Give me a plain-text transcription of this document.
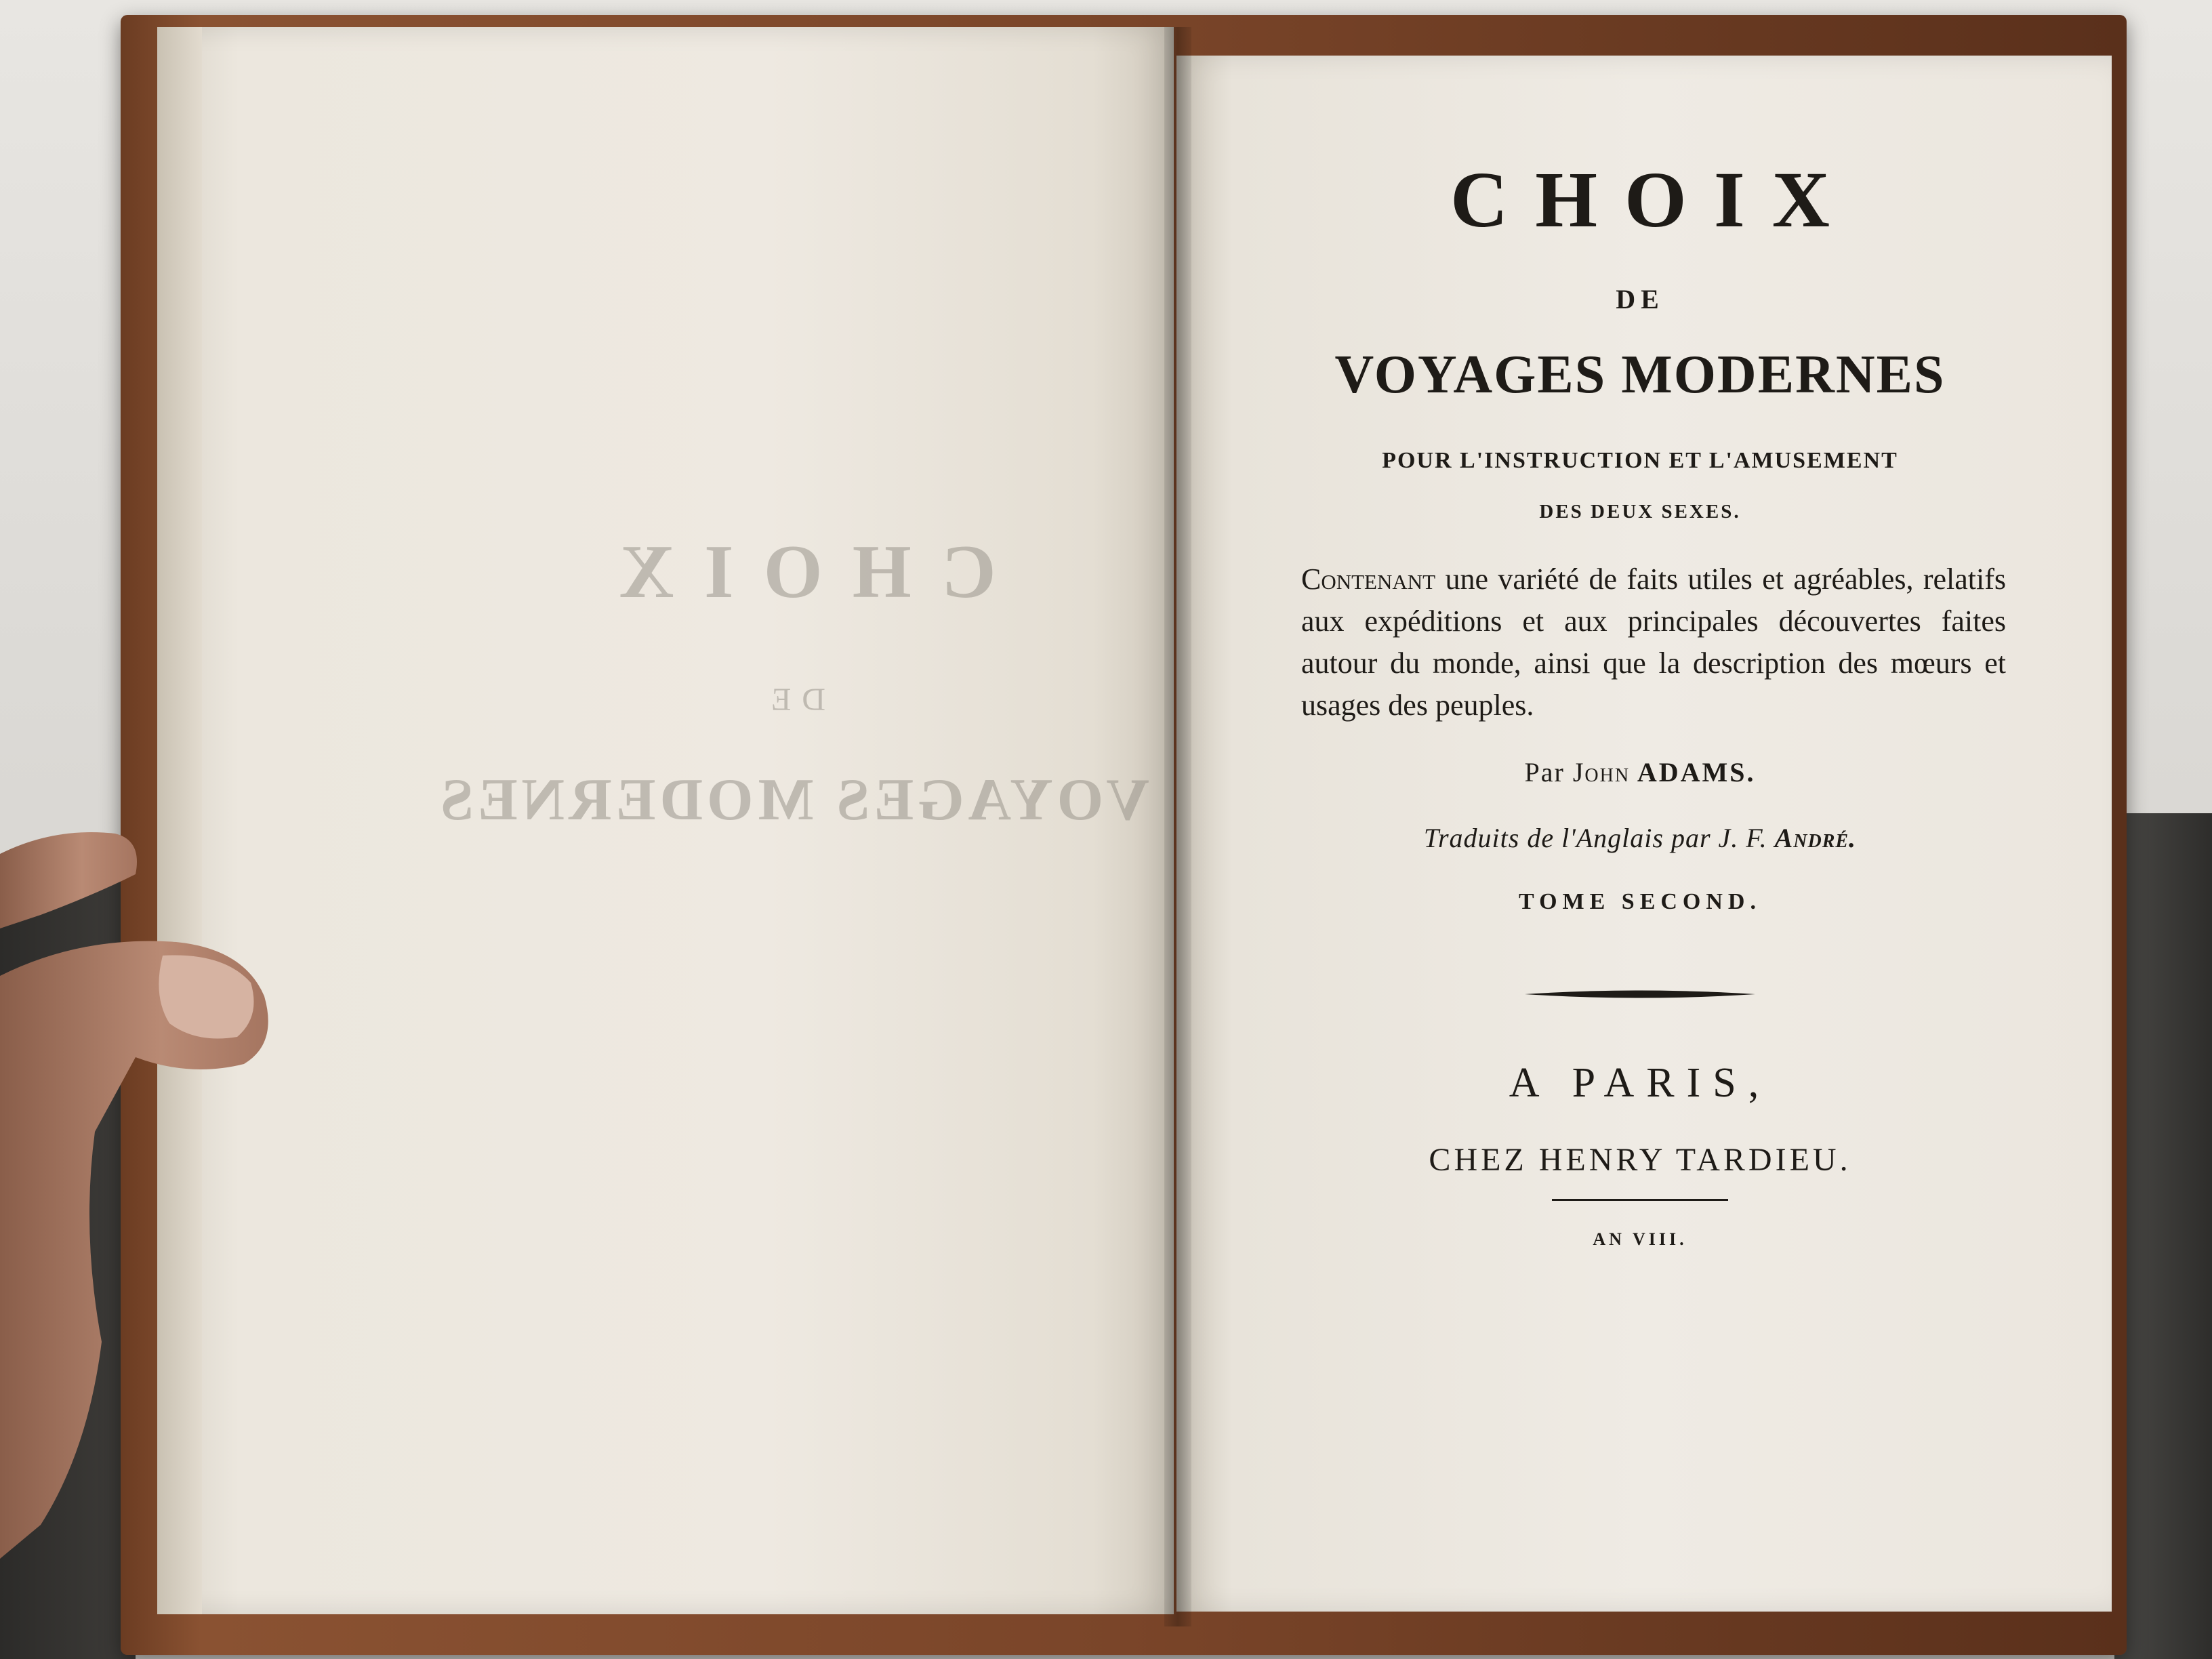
CHOIX
DE
VOYAGES MODERNES
CHOIX
DE
VOYAGES MODERNES
POUR L'INSTRUCTION ET L'AMUSEMENT
DES DEUX SEXES.
Contenant une variété de faits utiles et agréables, relatifs aux expéditions et aux principales découvertes faites autour du monde, ainsi que la description des mœurs et usages des peuples.
Par John ADAMS.
Traduits de l'Anglais par J. F. André.
TOME SECOND.
A PARIS,
CHEZ HENRY TARDIEU.
AN VIII.
